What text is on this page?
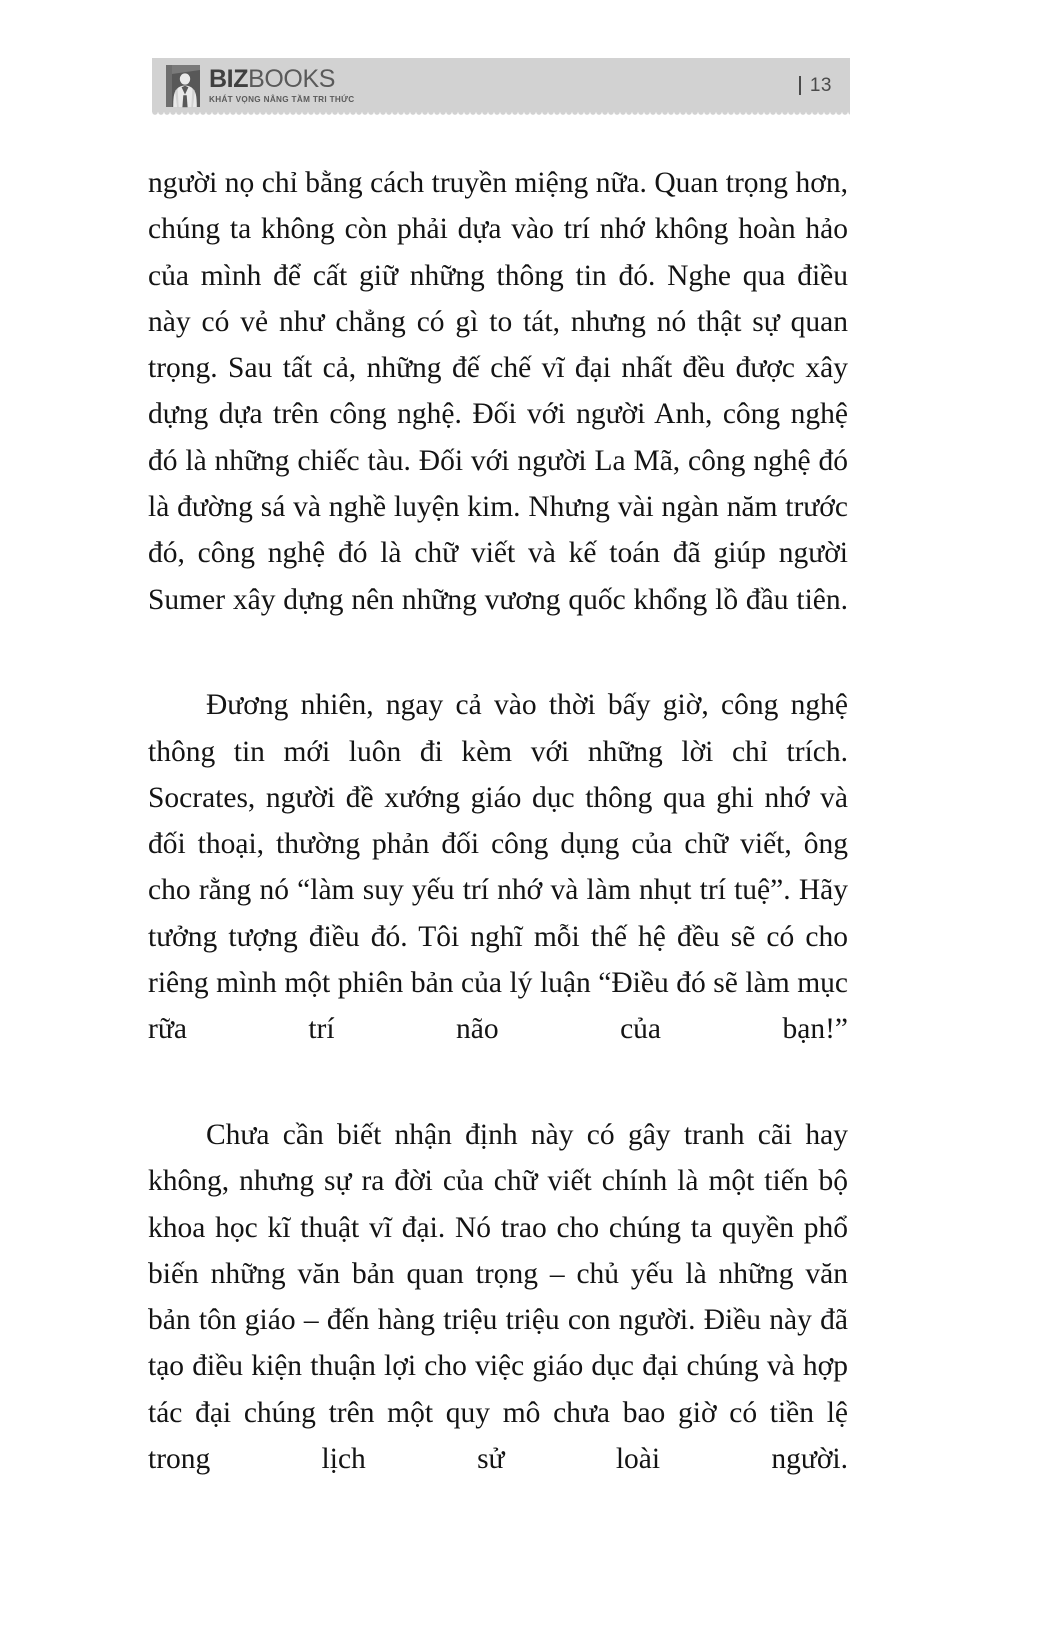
BIZBOOKS
KHÁT VỌNG NÂNG TẦM TRI THỨC
13

người nọ chỉ bằng cách truyền miệng nữa. Quan trọng hơn, chúng ta không còn phải dựa vào trí nhớ không hoàn hảo của mình để cất giữ những thông tin đó. Nghe qua điều này có vẻ như chẳng có gì to tát, nhưng nó thật sự quan trọng. Sau tất cả, những đế chế vĩ đại nhất đều được xây dựng dựa trên công nghệ. Đối với người Anh, công nghệ đó là những chiếc tàu. Đối với người La Mã, công nghệ đó là đường sá và nghề luyện kim. Nhưng vài ngàn năm trước đó, công nghệ đó là chữ viết và kế toán đã giúp người Sumer xây dựng nên những vương quốc khổng lồ đầu tiên.

Đương nhiên, ngay cả vào thời bấy giờ, công nghệ thông tin mới luôn đi kèm với những lời chỉ trích. Socrates, người đề xướng giáo dục thông qua ghi nhớ và đối thoại, thường phản đối công dụng của chữ viết, ông cho rằng nó “làm suy yếu trí nhớ và làm nhụt trí tuệ”. Hãy tưởng tượng điều đó. Tôi nghĩ mỗi thế hệ đều sẽ có cho riêng mình một phiên bản của lý luận “Điều đó sẽ làm mục rữa trí não của bạn!”

Chưa cần biết nhận định này có gây tranh cãi hay không, nhưng sự ra đời của chữ viết chính là một tiến bộ khoa học kĩ thuật vĩ đại. Nó trao cho chúng ta quyền phổ biến những văn bản quan trọng – chủ yếu là những văn bản tôn giáo – đến hàng triệu triệu con người. Điều này đã tạo điều kiện thuận lợi cho việc giáo dục đại chúng và hợp tác đại chúng trên một quy mô chưa bao giờ có tiền lệ trong lịch sử loài người.
